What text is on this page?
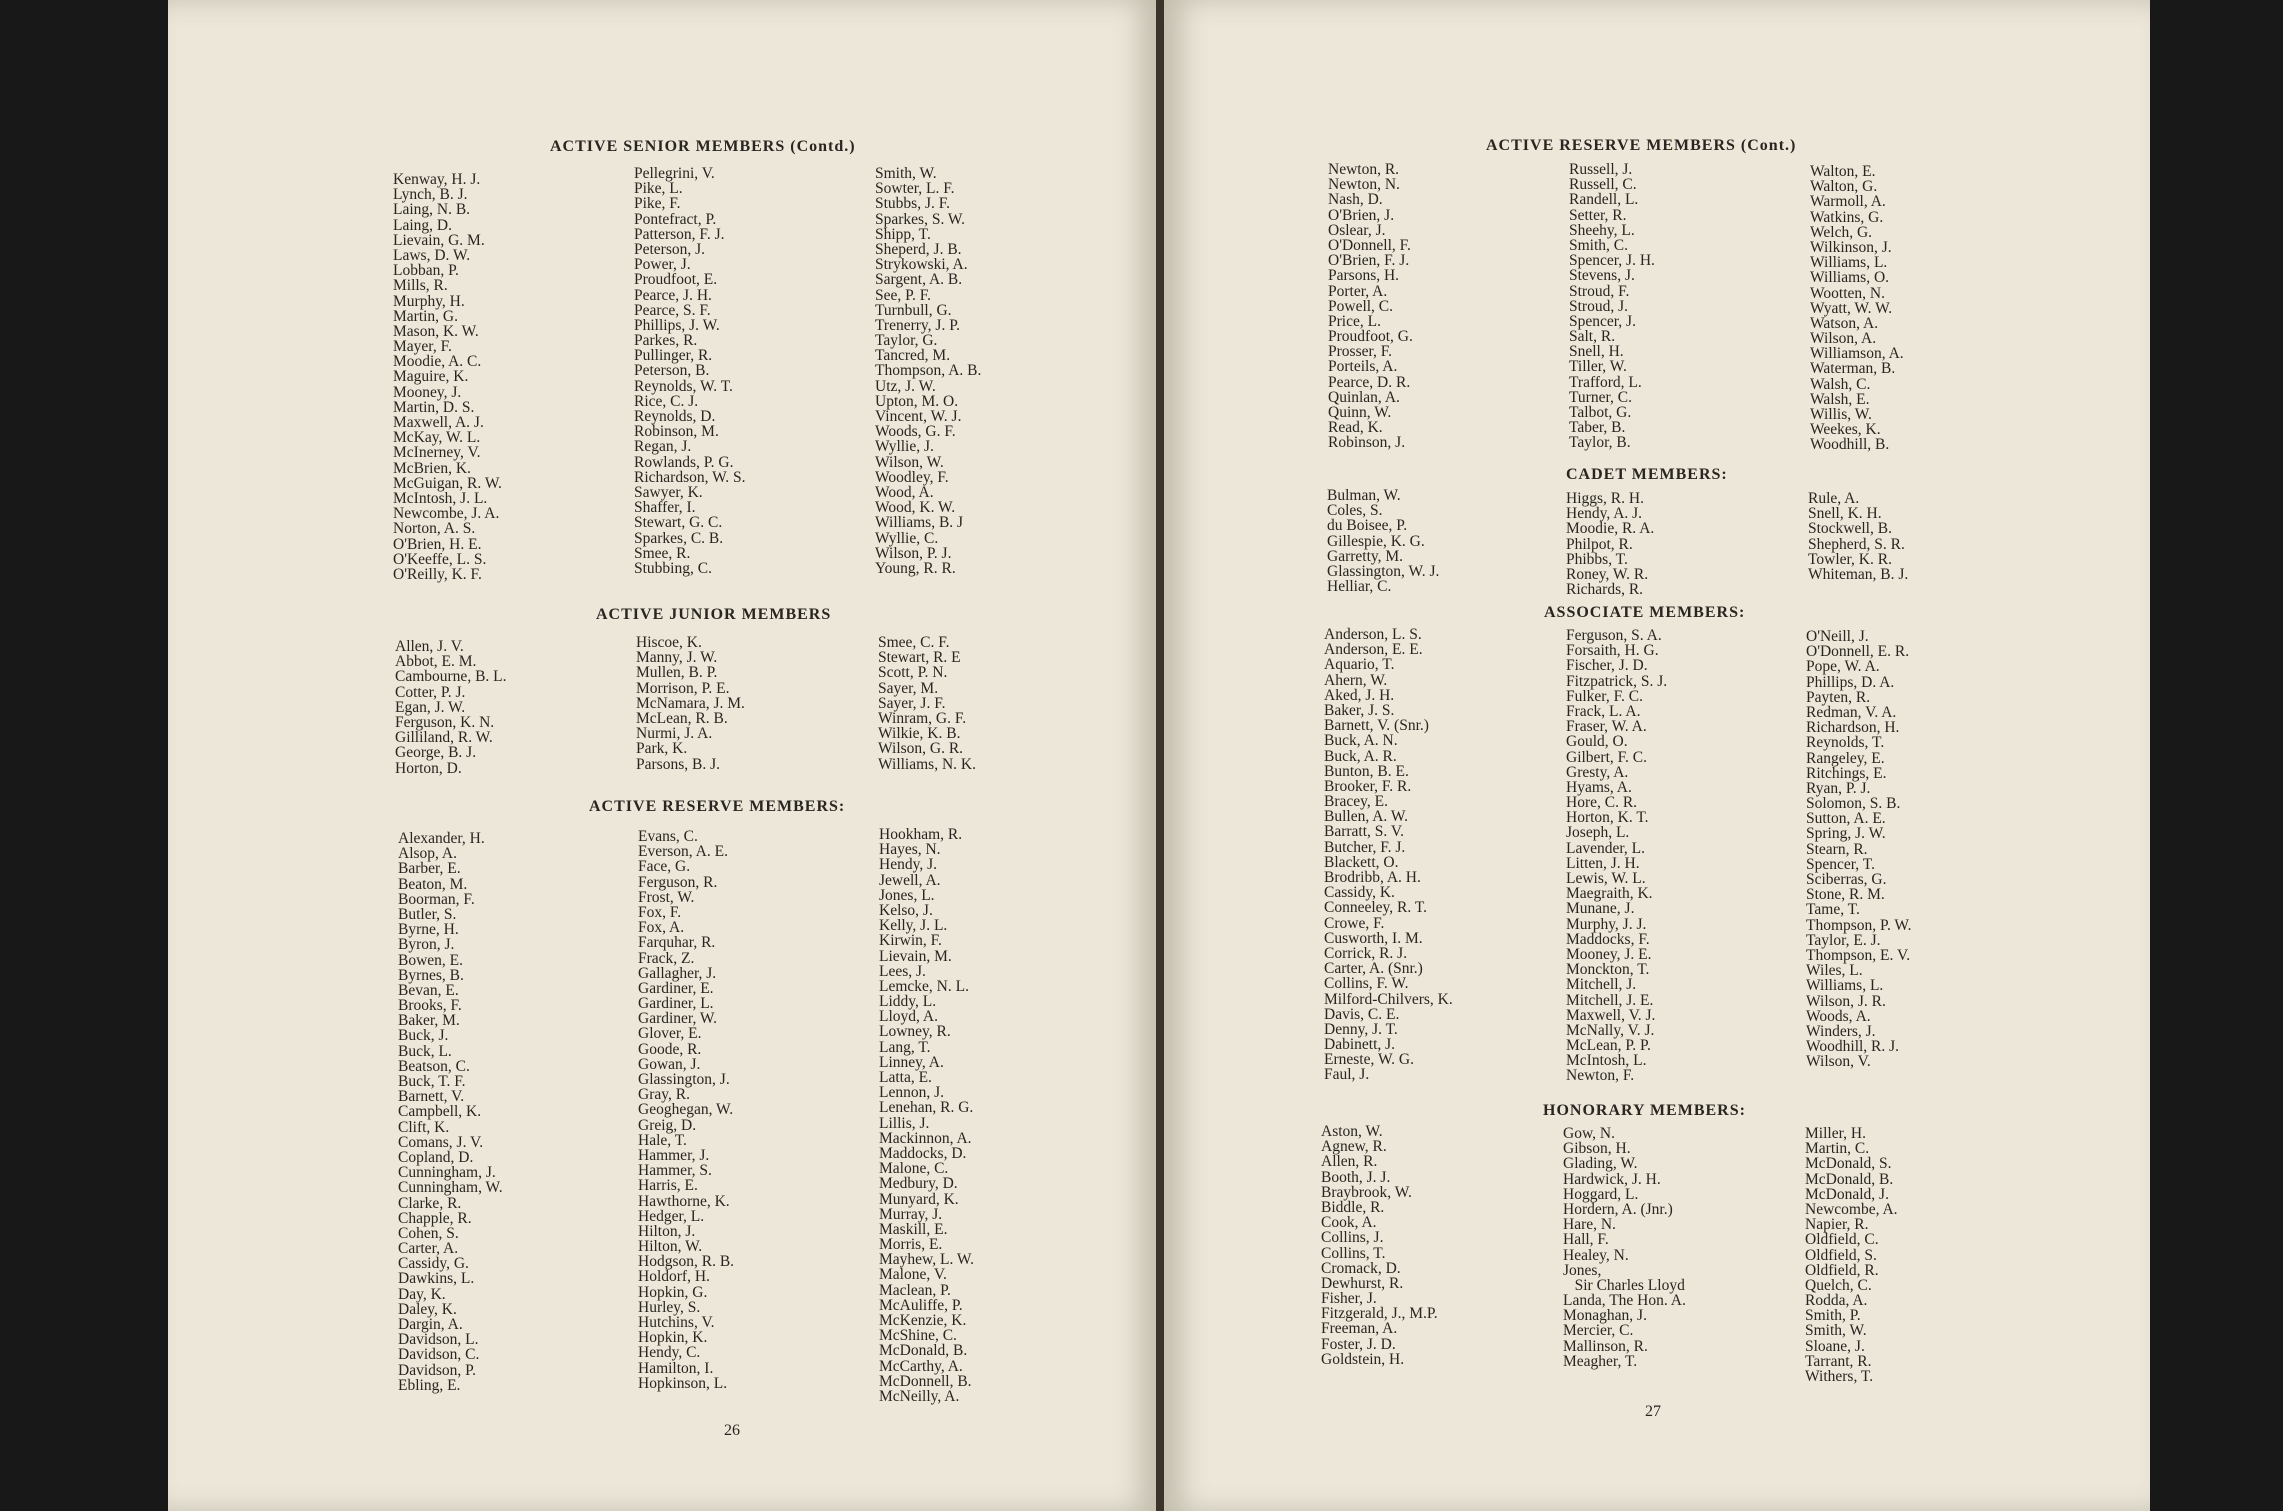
ACTIVE SENIOR MEMBERS (Contd.)
Kenway, H. J.
Lynch, B. J.
Laing, N. B.
Laing, D.
Lievain, G. M.
Laws, D. W.
Lobban, P.
Mills, R.
Murphy, H.
Martin, G.
Mason, K. W.
Mayer, F.
Moodie, A. C.
Maguire, K.
Mooney, J.
Martin, D. S.
Maxwell, A. J.
McKay, W. L.
McInerney, V.
McBrien, K.
McGuigan, R. W.
McIntosh, J. L.
Newcombe, J. A.
Norton, A. S.
O'Brien, H. E.
O'Keeffe, L. S.
O'Reilly, K. F.
Pellegrini, V.
Pike, L.
Pike, F.
Pontefract, P.
Patterson, F. J.
Peterson, J.
Power, J.
Proudfoot, E.
Pearce, J. H.
Pearce, S. F.
Phillips, J. W.
Parkes, R.
Pullinger, R.
Peterson, B.
Reynolds, W. T.
Rice, C. J.
Reynolds, D.
Robinson, M.
Regan, J.
Rowlands, P. G.
Richardson, W. S.
Sawyer, K.
Shaffer, I.
Stewart, G. C.
Sparkes, C. B.
Smee, R.
Stubbing, C.
Smith, W.
Sowter, L. F.
Stubbs, J. F.
Sparkes, S. W.
Shipp, T.
Sheperd, J. B.
Strykowski, A.
Sargent, A. B.
See, P. F.
Turnbull, G.
Trenerry, J. P.
Taylor, G.
Tancred, M.
Thompson, A. B.
Utz, J. W.
Upton, M. O.
Vincent, W. J.
Woods, G. F.
Wyllie, J.
Wilson, W.
Woodley, F.
Wood, A.
Wood, K. W.
Williams, B. J
Wyllie, C.
Wilson, P. J.
Young, R. R.
ACTIVE JUNIOR MEMBERS
Allen, J. V.
Abbot, E. M.
Cambourne, B. L.
Cotter, P. J.
Egan, J. W.
Ferguson, K. N.
Gilliland, R. W.
George, B. J.
Horton, D.
Hiscoe, K.
Manny, J. W.
Mullen, B. P.
Morrison, P. E.
McNamara, J. M.
McLean, R. B.
Nurmi, J. A.
Park, K.
Parsons, B. J.
Smee, C. F.
Stewart, R. E
Scott, P. N.
Sayer, M.
Sayer, J. F.
Winram, G. F.
Wilkie, K. B.
Wilson, G. R.
Williams, N. K.
ACTIVE RESERVE MEMBERS:
Alexander, H.
Alsop, A.
Barber, E.
Beaton, M.
Boorman, F.
Butler, S.
Byrne, H.
Byron, J.
Bowen, E.
Byrnes, B.
Bevan, E.
Brooks, F.
Baker, M.
Buck, J.
Buck, L.
Beatson, C.
Buck, T. F.
Barnett, V.
Campbell, K.
Clift, K.
Comans, J. V.
Copland, D.
Cunningham, J.
Cunningham, W.
Clarke, R.
Chapple, R.
Cohen, S.
Carter, A.
Cassidy, G.
Dawkins, L.
Day, K.
Daley, K.
Dargin, A.
Davidson, L.
Davidson, C.
Davidson, P.
Ebling, E.
Evans, C.
Everson, A. E.
Face, G.
Ferguson, R.
Frost, W.
Fox, F.
Fox, A.
Farquhar, R.
Frack, Z.
Gallagher, J.
Gardiner, E.
Gardiner, L.
Gardiner, W.
Glover, E.
Goode, R.
Gowan, J.
Glassington, J.
Gray, R.
Geoghegan, W.
Greig, D.
Hale, T.
Hammer, J.
Hammer, S.
Harris, E.
Hawthorne, K.
Hedger, L.
Hilton, J.
Hilton, W.
Hodgson, R. B.
Holdorf, H.
Hopkin, G.
Hurley, S.
Hutchins, V.
Hopkin, K.
Hendy, C.
Hamilton, I.
Hopkinson, L.
Hookham, R.
Hayes, N.
Hendy, J.
Jewell, A.
Jones, L.
Kelso, J.
Kelly, J. L.
Kirwin, F.
Lievain, M.
Lees, J.
Lemcke, N. L.
Liddy, L.
Lloyd, A.
Lowney, R.
Lang, T.
Linney, A.
Latta, E.
Lennon, J.
Lenehan, R. G.
Lillis, J.
Mackinnon, A.
Maddocks, D.
Malone, C.
Medbury, D.
Munyard, K.
Murray, J.
Maskill, E.
Morris, E.
Mayhew, L. W.
Malone, V.
Maclean, P.
McAuliffe, P.
McKenzie, K.
McShine, C.
McDonald, B.
McCarthy, A.
McDonnell, B.
McNeilly, A.
26
ACTIVE RESERVE MEMBERS (Cont.)
Newton, R.
Newton, N.
Nash, D.
O'Brien, J.
Oslear, J.
O'Donnell, F.
O'Brien, F. J.
Parsons, H.
Porter, A.
Powell, C.
Price, L.
Proudfoot, G.
Prosser, F.
Porteils, A.
Pearce, D. R.
Quinlan, A.
Quinn, W.
Read, K.
Robinson, J.
Russell, J.
Russell, C.
Randell, L.
Setter, R.
Sheehy, L.
Smith, C.
Spencer, J. H.
Stevens, J.
Stroud, F.
Stroud, J.
Spencer, J.
Salt, R.
Snell, H.
Tiller, W.
Trafford, L.
Turner, C.
Talbot, G.
Taber, B.
Taylor, B.
Walton, E.
Walton, G.
Warmoll, A.
Watkins, G.
Welch, G.
Wilkinson, J.
Williams, L.
Williams, O.
Wootten, N.
Wyatt, W. W.
Watson, A.
Wilson, A.
Williamson, A.
Waterman, B.
Walsh, C.
Walsh, E.
Willis, W.
Weekes, K.
Woodhill, B.
CADET MEMBERS:
Bulman, W.
Coles, S.
du Boisee, P.
Gillespie, K. G.
Garretty, M.
Glassington, W. J.
Helliar, C.
Higgs, R. H.
Hendy, A. J.
Moodie, R. A.
Philpot, R.
Phibbs, T.
Roney, W. R.
Richards, R.
Rule, A.
Snell, K. H.
Stockwell, B.
Shepherd, S. R.
Towler, K. R.
Whiteman, B. J.
ASSOCIATE MEMBERS:
Anderson, L. S.
Anderson, E. E.
Aquario, T.
Ahern, W.
Aked, J. H.
Baker, J. S.
Barnett, V. (Snr.)
Buck, A. N.
Buck, A. R.
Bunton, B. E.
Brooker, F. R.
Bracey, E.
Bullen, A. W.
Barratt, S. V.
Butcher, F. J.
Blackett, O.
Brodribb, A. H.
Cassidy, K.
Conneeley, R. T.
Crowe, F.
Cusworth, I. M.
Corrick, R. J.
Carter, A. (Snr.)
Collins, F. W.
Milford-Chilvers, K.
Davis, C. E.
Denny, J. T.
Dabinett, J.
Erneste, W. G.
Faul, J.
Ferguson, S. A.
Forsaith, H. G.
Fischer, J. D.
Fitzpatrick, S. J.
Fulker, F. C.
Frack, L. A.
Fraser, W. A.
Gould, O.
Gilbert, F. C.
Gresty, A.
Hyams, A.
Hore, C. R.
Horton, K. T.
Joseph, L.
Lavender, L.
Litten, J. H.
Lewis, W. L.
Maegraith, K.
Munane, J.
Murphy, J. J.
Maddocks, F.
Mooney, J. E.
Monckton, T.
Mitchell, J.
Mitchell, J. E.
Maxwell, V. J.
McNally, V. J.
McLean, P. P.
McIntosh, L.
Newton, F.
O'Neill, J.
O'Donnell, E. R.
Pope, W. A.
Phillips, D. A.
Payten, R.
Redman, V. A.
Richardson, H.
Reynolds, T.
Rangeley, E.
Ritchings, E.
Ryan, P. J.
Solomon, S. B.
Sutton, A. E.
Spring, J. W.
Stearn, R.
Spencer, T.
Sciberras, G.
Stone, R. M.
Tame, T.
Thompson, P. W.
Taylor, E. J.
Thompson, E. V.
Wiles, L.
Williams, L.
Wilson, J. R.
Woods, A.
Winders, J.
Woodhill, R. J.
Wilson, V.
HONORARY MEMBERS:
Aston, W.
Agnew, R.
Allen, R.
Booth, J. J.
Braybrook, W.
Biddle, R.
Cook, A.
Collins, J.
Collins, T.
Cromack, D.
Dewhurst, R.
Fisher, J.
Fitzgerald, J., M.P.
Freeman, A.
Foster, J. D.
Goldstein, H.
Gow, N.
Gibson, H.
Glading, W.
Hardwick, J. H.
Hoggard, L.
Hordern, A. (Jnr.)
Hare, N.
Hall, F.
Healey, N.
Jones,
Sir Charles Lloyd
Landa, The Hon. A.
Monaghan, J.
Mercier, C.
Mallinson, R.
Meagher, T.
Miller, H.
Martin, C.
McDonald, S.
McDonald, B.
McDonald, J.
Newcombe, A.
Napier, R.
Oldfield, C.
Oldfield, S.
Oldfield, R.
Quelch, C.
Rodda, A.
Smith, P.
Smith, W.
Sloane, J.
Tarrant, R.
Withers, T.
27
